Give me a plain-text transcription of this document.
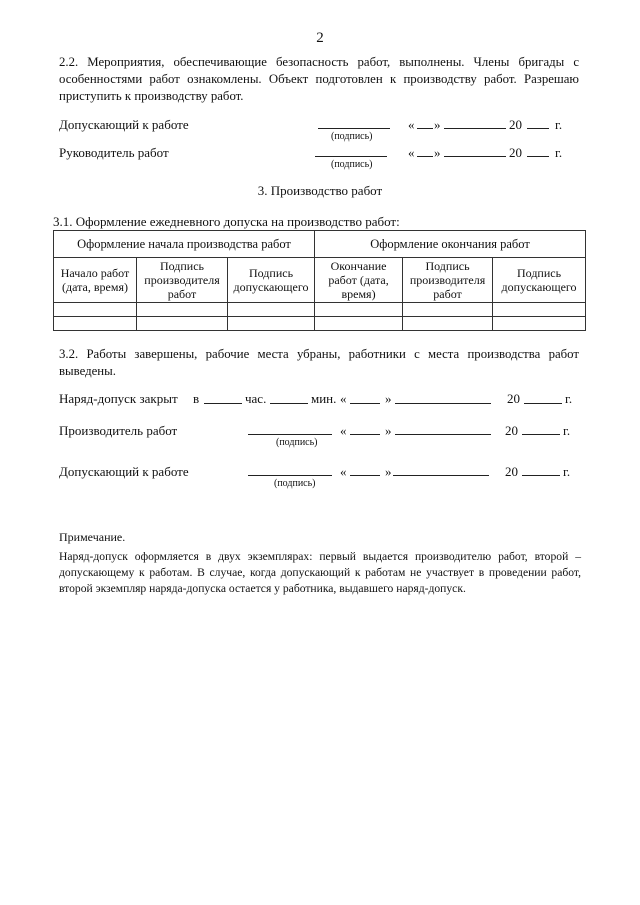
2
2.2. Мероприятия, обеспечивающие безопасность работ, выполнены. Члены бригады с особенностями работ ознакомлены. Объект подготовлен к производству работ. Разрешаю приступить к производству работ.
Допускающий к работе
(подпись)
« »	20	г.
Руководитель работ
(подпись)
« »	20	г.
3. Производство работ
3.1. Оформление ежедневного допуска на производство работ:
Оформление начала производства работ			Оформление окончания работ		
Начало работ (дата, время)	Подпись производителя работ	Подпись допускающего	Окончание работ (дата, время)	Подпись производителя работ	Подпись допускающего

3.2. Работы завершены, рабочие места убраны, работники с места производства работ выведены.
Наряд-допуск закрыт в	час.	мин. «	»	20	г.
Производитель работ
(подпись)
«	»	20	г.
Допускающий к работе
(подпись)
«	»	20	г.
Примечание.
Наряд-допуск оформляется в двух экземплярах: первый выдается производителю работ, второй – допускающему к работам. В случае, когда допускающий к работам не участвует в проведении работ, второй экземпляр наряда-допуска остается у работника, выдавшего наряд-допуск.
